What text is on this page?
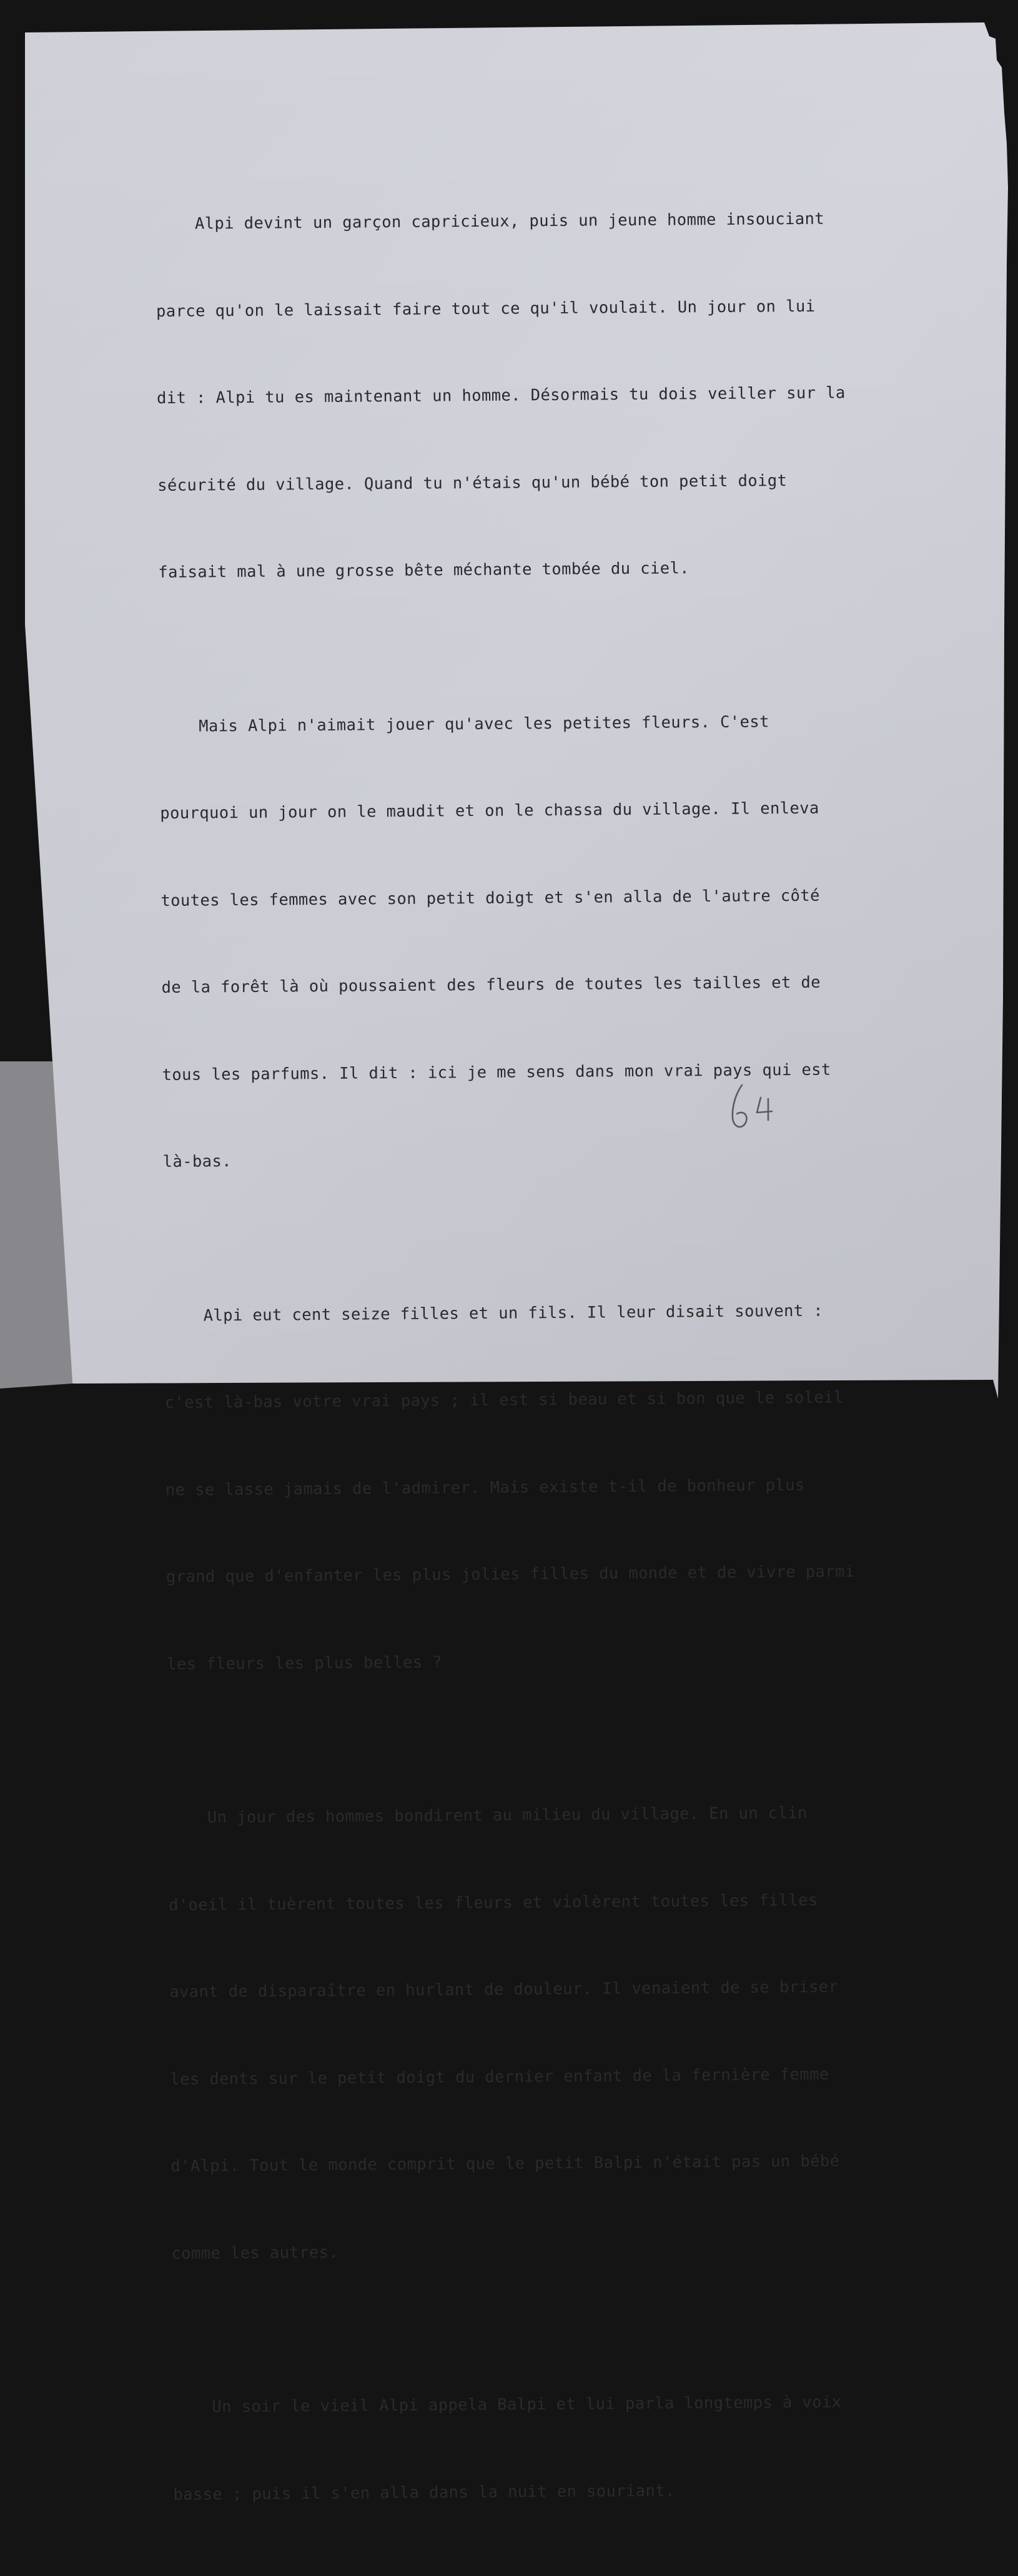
Alpi devint un garçon capricieux, puis un jeune homme insouciant

parce qu'on le laissait faire tout ce qu'il voulait. Un jour on lui

dit : Alpi tu es maintenant un homme. Désormais tu dois veiller sur la

sécurité du village. Quand tu n'étais qu'un bébé ton petit doigt

faisait mal à une grosse bête méchante tombée du ciel.

Mais Alpi n'aimait jouer qu'avec les petites fleurs. C'est

pourquoi un jour on le maudit et on le chassa du village. Il enleva

toutes les femmes avec son petit doigt et s'en alla de l'autre côté

de la forêt là où poussaient des fleurs de toutes les tailles et de

tous les parfums. Il dit : ici je me sens dans mon vrai pays qui est

là-bas.

Alpi eut cent seize filles et un fils. Il leur disait souvent :

c'est là-bas votre vrai pays ; il est si beau et si bon que le soleil

ne se lasse jamais de l'admirer. Mais existe t-il de bonheur plus

grand que d'enfanter les plus jolies filles du monde et de vivre parmi

les fleurs les plus belles ?

Un jour des hommes bondirent au milieu du village. En un clin

d'oeil il tuèrent toutes les fleurs et violèrent toutes les filles

avant de disparaître en hurlant de douleur. Il venaient de se briser

les dents sur le petit doigt du dernier enfant de la fernière femme

d'Alpi. Tout le monde comprit que le petit Balpi n'était pas un bébé

comme les autres.

Un soir le vieil Alpi appela Balpi et lui parla longtemps à voix

basse ; puis il s'en alla dans la nuit en souriant.
